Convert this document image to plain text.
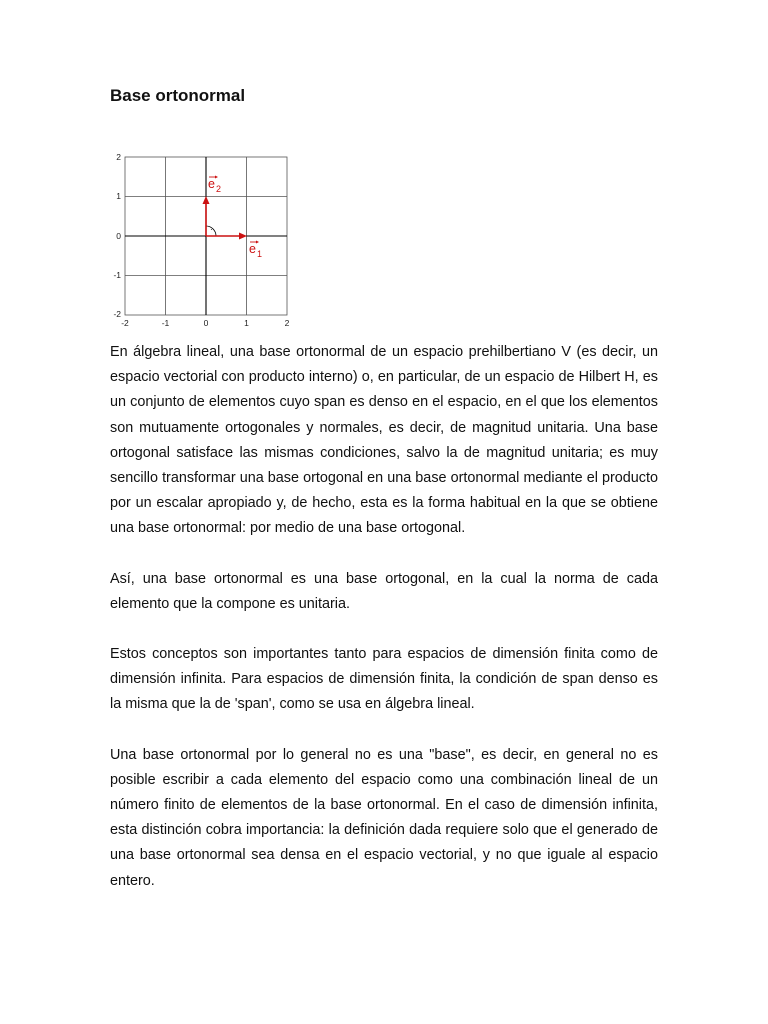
Base ortonormal
2
1
0
-1
-2
-2	-1	0	1	2
·
e 2
e 1

En álgebra lineal, una base ortonormal de un espacio prehilbertiano V (es decir, un espacio vectorial con producto interno) o, en particular, de un espacio de Hilbert H, es un conjunto de elementos cuyo span es denso en el espacio, en el que los elementos son mutuamente ortogonales y normales, es decir, de magnitud unitaria. Una base ortogonal satisface las mismas condiciones, salvo la de magnitud unitaria; es muy sencillo transformar una base ortogonal en una base ortonormal mediante el producto por un escalar apropiado y, de hecho, esta es la forma habitual en la que se obtiene una base ortonormal: por medio de una base ortogonal.

Así, una base ortonormal es una base ortogonal, en la cual la norma de cada elemento que la compone es unitaria.

Estos conceptos son importantes tanto para espacios de dimensión finita como de dimensión infinita. Para espacios de dimensión finita, la condición de span denso es la misma que la de 'span', como se usa en álgebra lineal.

Una base ortonormal por lo general no es una "base", es decir, en general no es posible escribir a cada elemento del espacio como una combinación lineal de un número finito de elementos de la base ortonormal. En el caso de dimensión infinita, esta distinción cobra importancia: la definición dada requiere solo que el generado de una base ortonormal sea densa en el espacio vectorial, y no que iguale al espacio entero.
